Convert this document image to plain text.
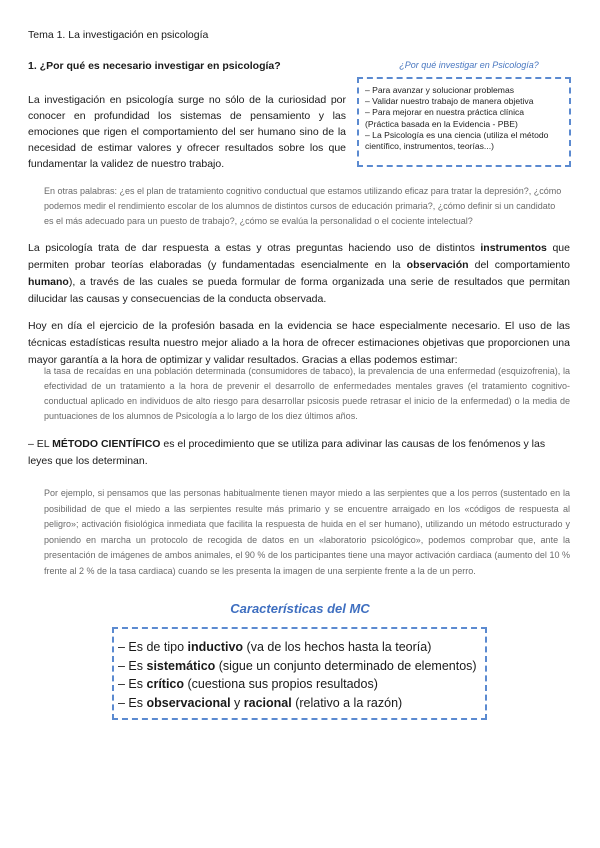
Tema 1. La investigación en psicología
1. ¿Por qué es necesario investigar en psicología?
La investigación en psicología surge no sólo de la curiosidad por conocer en profundidad los sistemas de pensamiento y las emociones que rigen el comportamiento del ser humano sino de la necesidad de estimar valores y ofrecer resultados sobre los que fundamentar la validez de nuestro trabajo.
¿Por qué investigar en Psicología?
– Para avanzar y solucionar problemas
– Validar nuestro trabajo de manera objetiva
– Para mejorar en nuestra práctica clínica
(Práctica basada en la Evidencia - PBE)
– La Psicología es una ciencia (utiliza el método
científico, instrumentos, teorías...)
En otras palabras: ¿es el plan de tratamiento cognitivo conductual que estamos utilizando eficaz para tratar la depresión?, ¿cómo podemos medir el rendimiento escolar de los alumnos de distintos cursos de educación primaria?, ¿cómo definir si un candidato es el más adecuado para un puesto de trabajo?, ¿cómo se evalúa la personalidad o el cociente intelectual?
La psicología trata de dar respuesta a estas y otras preguntas haciendo uso de distintos instrumentos que permiten probar teorías elaboradas (y fundamentadas esencialmente en la observación del comportamiento humano), a través de las cuales se pueda formular de forma organizada una serie de resultados que permitan dilucidar las causas y consecuencias de la conducta observada.
Hoy en día el ejercicio de la profesión basada en la evidencia se hace especialmente necesario. El uso de las técnicas estadísticas resulta nuestro mejor aliado a la hora de ofrecer estimaciones objetivas que proporcionen una mayor garantía a la hora de optimizar y validar resultados. Gracias a ellas podemos estimar:
la tasa de recaídas en una población determinada (consumidores de tabaco), la prevalencia de una enfermedad (esquizofrenia), la efectividad de un tratamiento a la hora de prevenir el desarrollo de enfermedades mentales graves (el tratamiento cognitivo-conductual aplicado en individuos de alto riesgo para desarrollar psicosis puede retrasar el inicio de la enfermedad) o la media de puntuaciones de los alumnos de Psicología a lo largo de los diez últimos años.
– EL MÉTODO CIENTÍFICO es el procedimiento que se utiliza para adivinar las causas de los fenómenos y las leyes que los determinan.
Por ejemplo, si pensamos que las personas habitualmente tienen mayor miedo a las serpientes que a los perros (sustentado en la posibilidad de que el miedo a las serpientes resulte más primario y se encuentre arraigado en los «códigos de respuesta al peligro»; activación fisiológica inmediata que facilita la respuesta de huida en el ser humano), utilizando un método estructurado y poniendo en marcha un protocolo de recogida de datos en un «laboratorio psicológico», podemos comprobar que, ante la presentación de imágenes de ambos animales, el 90 % de los participantes tiene una mayor activación cardiaca (aumento del 10 % frente al 2 % de la tasa cardiaca) cuando se les presenta la imagen de una serpiente frente a la de un perro.
Características del MC
– Es de tipo inductivo (va de los hechos hasta la teoría)
– Es sistemático (sigue un conjunto determinado de elementos)
– Es crítico (cuestiona sus propios resultados)
– Es observacional y racional (relativo a la razón)
